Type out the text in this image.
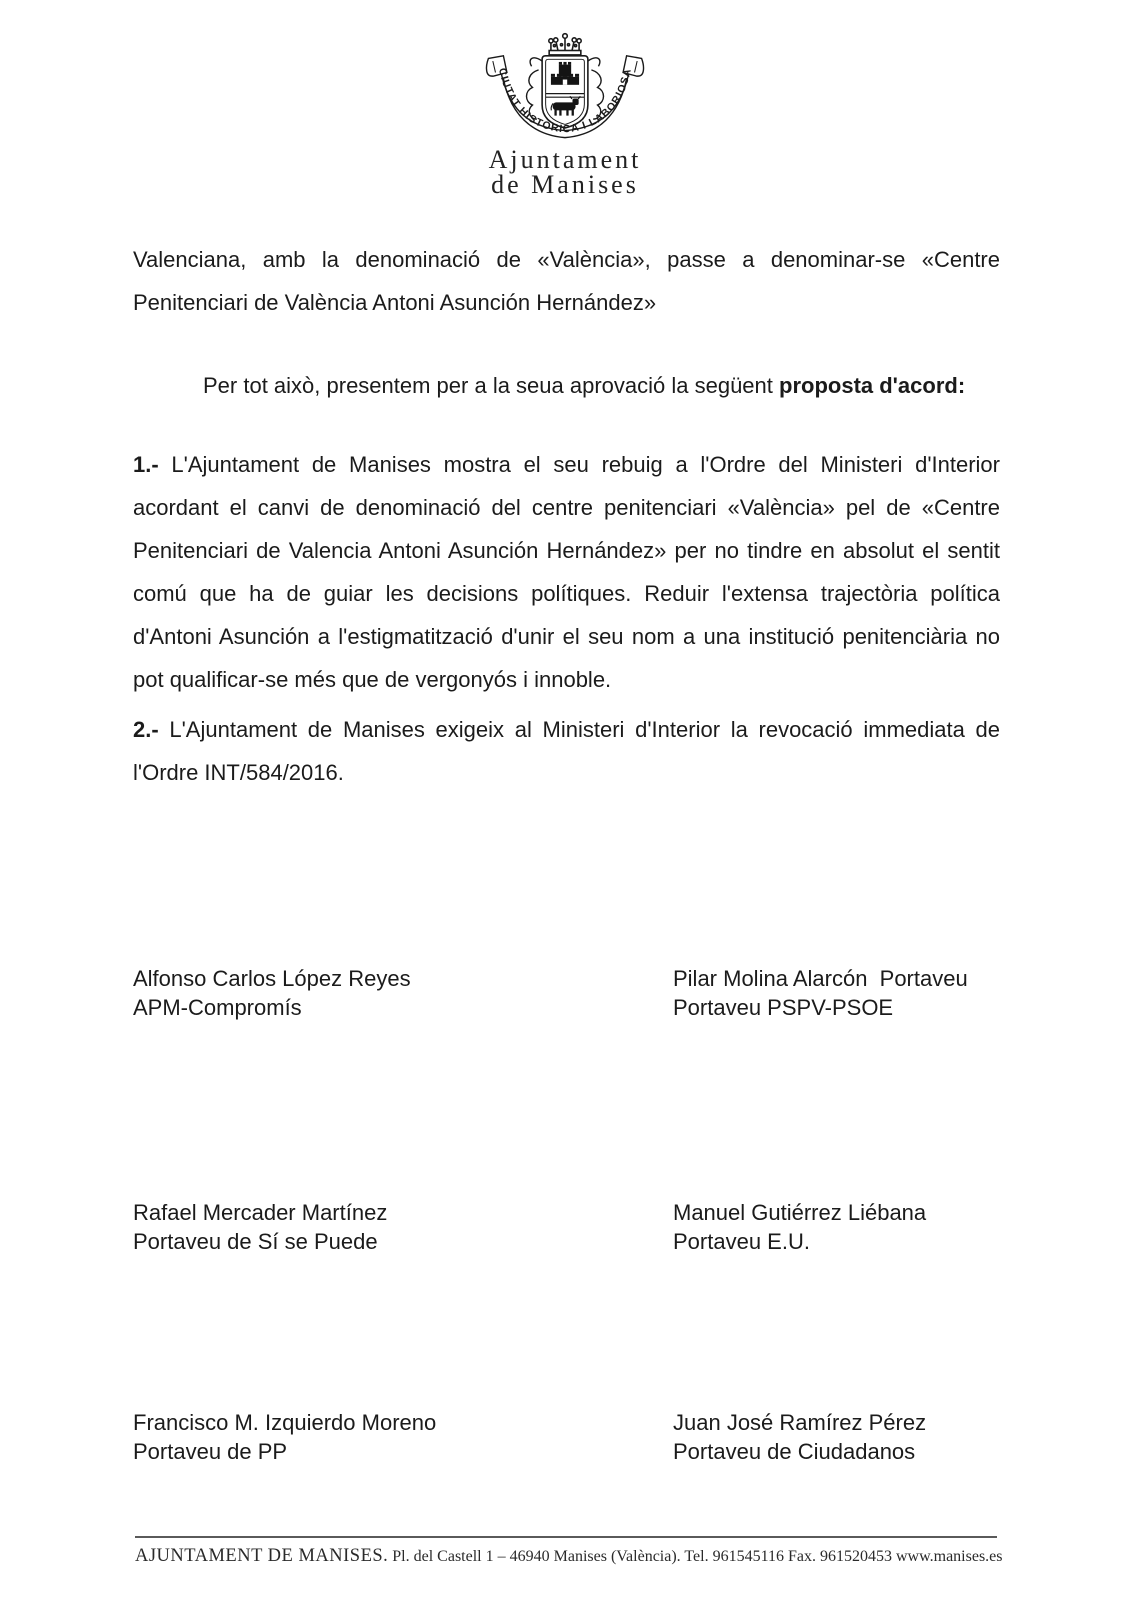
CIUTAT HISTÒRICA I LABORIOSA
Ajuntament
de Manises

Valenciana, amb la denominació de «València», passe a denominar-se «Centre Penitenciari de València Antoni Asunción Hernández»

Per tot això, presentem per a la seua aprovació la següent proposta d'acord:

1.- L'Ajuntament de Manises mostra el seu rebuig a l'Ordre del Ministeri d'Interior acordant el canvi de denominació del centre penitenciari «València» pel de «Centre Penitenciari de Valencia Antoni Asunción Hernández» per no tindre en absolut el sentit comú que ha de guiar les decisions polítiques. Reduir l'extensa trajectòria política d'Antoni Asunción a l'estigmatització d'unir el seu nom a una institució penitenciària no pot qualificar-se més que de vergonyós i innoble.

2.- L'Ajuntament de Manises exigeix al Ministeri d'Interior la revocació immediata de l'Ordre INT/584/2016.

Alfonso Carlos López Reyes
APM-Compromís
Pilar Molina Alarcón  Portaveu
Portaveu PSPV-PSOE
Rafael Mercader Martínez
Portaveu de Sí se Puede
Manuel Gutiérrez Liébana
Portaveu E.U.
Francisco M. Izquierdo Moreno
Portaveu de PP
Juan José Ramírez Pérez
Portaveu de Ciudadanos
AJUNTAMENT DE MANISES. Pl. del Castell 1 – 46940 Manises (València). Tel. 961545116 Fax. 961520453 www.manises.es
